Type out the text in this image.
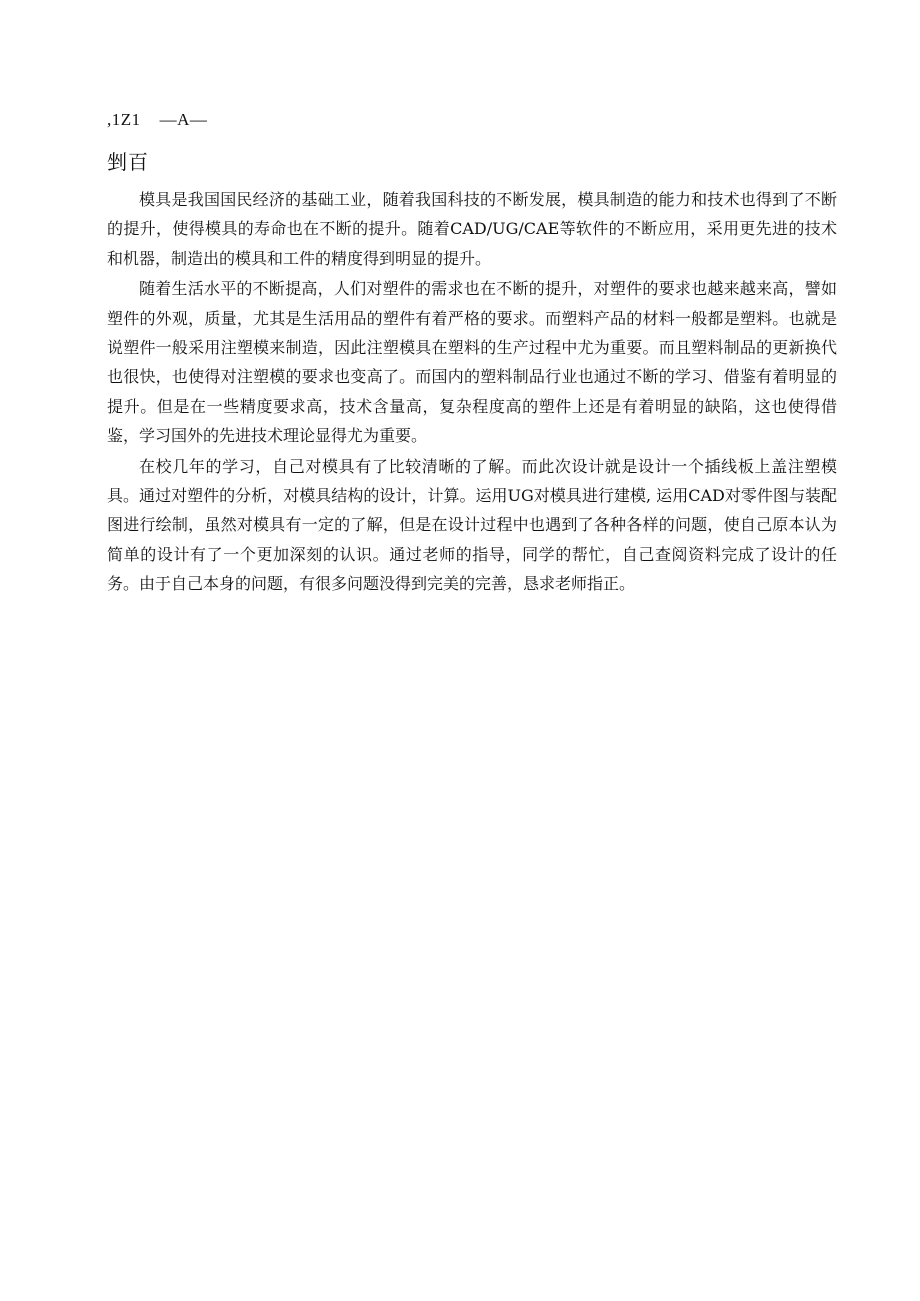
,1Z1    —A—
剉百

模具是我国国民经济的基础工业，随着我国科技的不断发展，模具制造的能力和技术也得到了不断的提升，使得模具的寿命也在不断的提升。随着CAD/UG/CAE等软件的不断应用，采用更先进的技术和机器，制造出的模具和工件的精度得到明显的提升。

随着生活水平的不断提高，人们对塑件的需求也在不断的提升，对塑件的要求也越来越来高，譬如塑件的外观，质量，尤其是生活用品的塑件有着严格的要求。而塑料产品的材料一般都是塑料。也就是说塑件一般采用注塑模来制造，因此注塑模具在塑料的生产过程中尤为重要。而且塑料制品的更新换代也很快，也使得对注塑模的要求也变高了。而国内的塑料制品行业也通过不断的学习、借鉴有着明显的提升。但是在一些精度要求高，技术含量高，复杂程度高的塑件上还是有着明显的缺陷，这也使得借鉴，学习国外的先进技术理论显得尤为重要。

在校几年的学习，自己对模具有了比较清晰的了解。而此次设计就是设计一个插线板上盖注塑模具。通过对塑件的分析，对模具结构的设计，计算。运用UG对模具进行建模, 运用CAD对零件图与装配图进行绘制，虽然对模具有一定的了解，但是在设计过程中也遇到了各种各样的问题，使自己原本认为简单的设计有了一个更加深刻的认识。通过老师的指导，同学的帮忙，自己查阅资料完成了设计的任务。由于自己本身的问题，有很多问题没得到完美的完善，恳求老师指正。
